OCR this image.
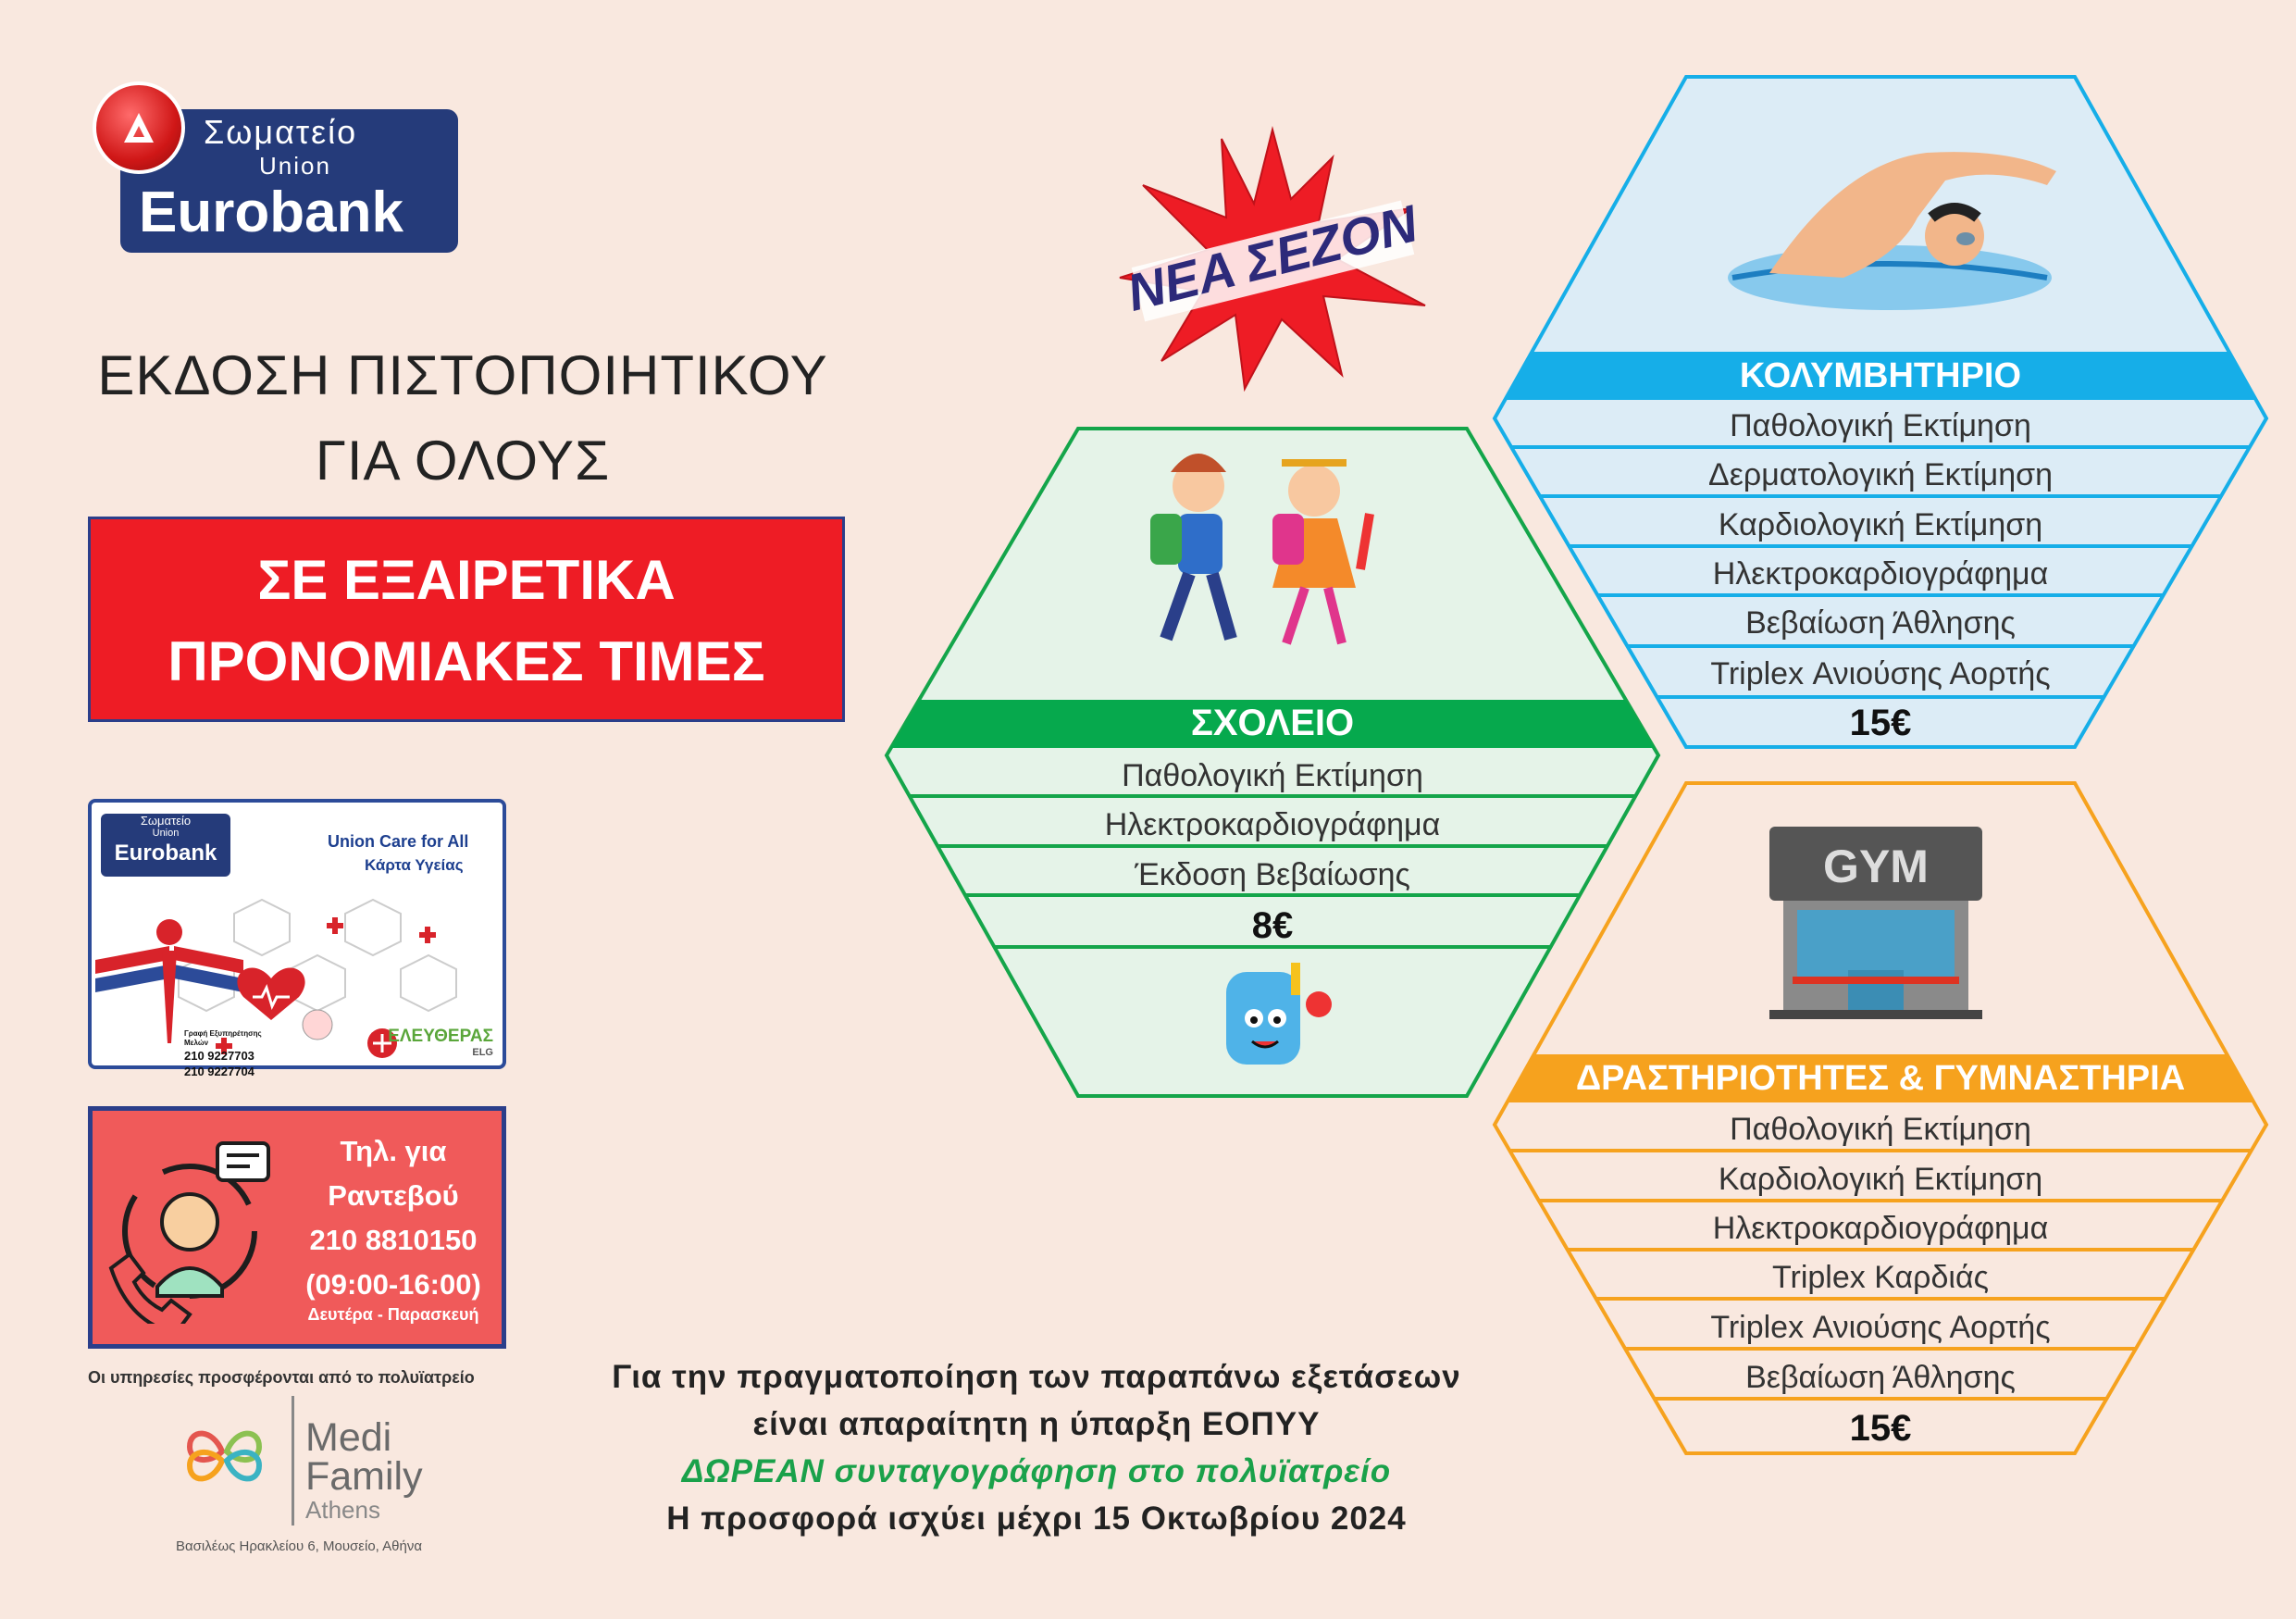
Σωματείο
Union
Eurobank
ΕΚΔΟΣΗ ΠΙΣΤΟΠΟΙΗΤΙΚΟΥ
ΓΙΑ ΟΛΟΥΣ
ΣΕ ΕΞΑΙΡΕΤΙΚΑ
ΠΡΟΝΟΜΙΑΚΕΣ ΤΙΜΕΣ
Σωματείο
Union
Eurobank	Union Care for All
Κάρτα Υγείας
Γραφή Εξυπηρέτησης Μελών
210 9227703
210 9227704
ΕΛΕΥΘΕΡΑΣ
ELG
Τηλ. για
Ραντεβού
210 8810150
(09:00-16:00)
Δευτέρα - Παρασκευή
Οι υπηρεσίες προσφέρονται από το πολυϊατρείο
Medi
Family
Athens
Βασιλέως Ηρακλείου 6, Μουσείο, Αθήνα
ΝΕΑ ΣΕΖΟΝ
ΣΧΟΛΕΙΟ
Παθολογική Εκτίμηση
Ηλεκτροκαρδιογράφημα
Έκδοση Βεβαίωσης
8€
ΚΟΛΥΜΒΗΤΗΡΙΟ
Παθολογική Εκτίμηση
Δερματολογική Εκτίμηση
Καρδιολογική Εκτίμηση
Ηλεκτροκαρδιογράφημα
Βεβαίωση Άθλησης
Triplex Ανιούσης Αορτής
15€
GYM
ΔΡΑΣΤΗΡΙΟΤΗΤΕΣ & ΓΥΜΝΑΣΤΗΡΙΑ
Παθολογική Εκτίμηση
Καρδιολογική Εκτίμηση
Ηλεκτροκαρδιογράφημα
Triplex Καρδιάς
Triplex Ανιούσης Αορτής
Βεβαίωση Άθλησης
15€
Για την πραγματοποίηση των παραπάνω εξετάσεων
είναι απαραίτητη η ύπαρξη ΕΟΠΥΥ
ΔΩΡΕΑΝ συνταγογράφηση στο πολυϊατρείο
Η προσφορά ισχύει μέχρι 15 Οκτωβρίου 2024
